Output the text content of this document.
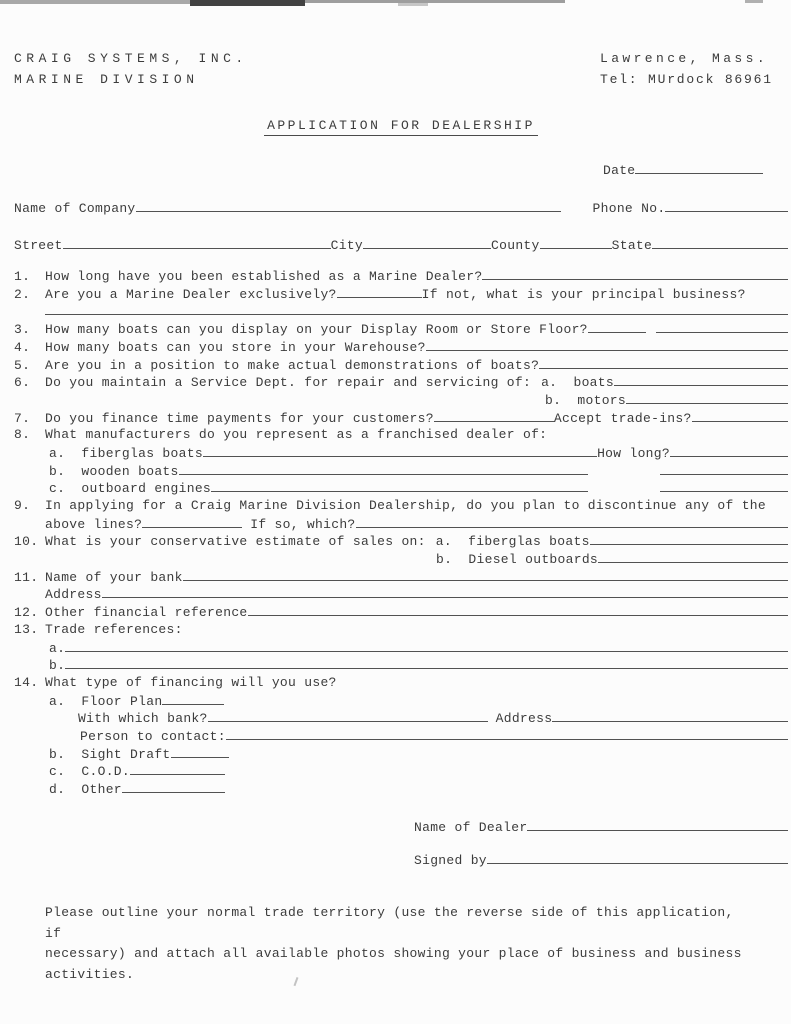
CRAIG SYSTEMS, INC.
MARINE DIVISION
Lawrence, Mass.
Tel: MUrdock 86961
APPLICATION FOR DEALERSHIP
Date
Name of Company	Phone No.
Street	City	County	State
1.	How long have you been established as a Marine Dealer?
2.	Are you a Marine Dealer exclusively?	If not, what is your principal business?
3.	How many boats can you display on your Display Room or Store Floor?
4.	How many boats can you store in your Warehouse?
5.	Are you in a position to make actual demonstrations of boats?
6.	Do you maintain a Service Dept. for repair and servicing of: a.  boats
b.  motors
7.	Do you finance time payments for your customers?	Accept trade-ins?
8.	What manufacturers do you represent as a franchised dealer of:
a.  fiberglas boats	How long?
b.  wooden boats
c.  outboard engines
9.	In applying for a Craig Marine Division Dealership, do you plan to discontinue any of the
above lines?	If so, which?
10. What is your conservative estimate of sales on: a.  fiberglas boats
b.  Diesel outboards
11. Name of your bank
Address
12. Other financial reference
13. Trade references:
a.
b.
14. What type of financing will you use?
a.  Floor Plan
With which bank?	Address
Person to contact:
b.  Sight Draft
c.  C.O.D.
d.  Other
Name of Dealer
Signed by
Please outline your normal trade territory (use the reverse side of this application, if
necessary) and attach all available photos showing your place of business and business
activities.
